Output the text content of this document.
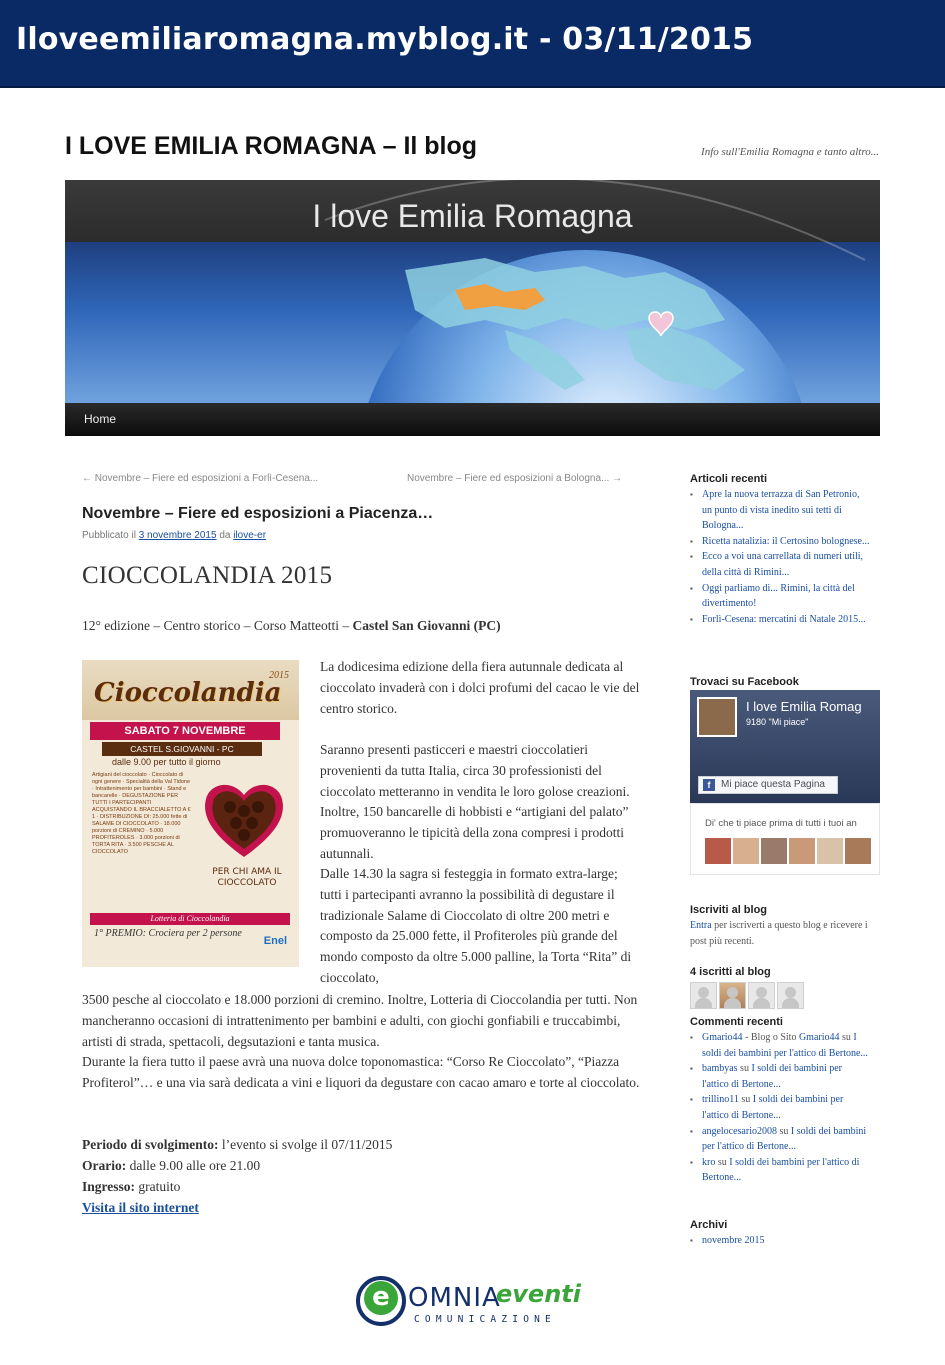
Iloveemiliaromagna.myblog.it - 03/11/2015
I LOVE EMILIA ROMAGNA – Il blog	Info sull'Emilia Romagna e tanto altro...
I love Emilia Romagna
Home
← Novembre – Fiere ed esposizioni a Forlì-Cesena...	Novembre – Fiere ed esposizioni a Bologna... →
Novembre – Fiere ed esposizioni a Piacenza…
Pubblicato il 3 novembre 2015 da ilove-er
CIOCCOLANDIA 2015
12° edizione – Centro storico – Corso Matteotti – Castel San Giovanni (PC)
Cioccolandia
2015
SABATO 7 NOVEMBRE
CASTEL S.GIOVANNI - PC
dalle 9.00 per tutto il giorno
Artigiani del cioccolato · Cioccolato di ogni genere · Specialità della Val Tidone · Intrattenimento per bambini · Stand e bancarelle · DEGUSTAZIONE PER TUTTI I PARTECIPANTI ACQUISTANDO IL BRACCIALETTO A € 1 · DISTRIBUZIONE DI: 25.000 fette di SALAME DI CIOCCOLATO · 18.000 porzioni di CREMINO · 5.000 PROFITEROLES · 3.000 porzioni di TORTA RITA · 3.500 PESCHE AL CIOCCOLATO
PER CHI AMA IL CIOCCOLATO
Lotteria di Cioccolandia
1° PREMIO: Crociera per 2 persone
Enel
La dodicesima edizione della fiera autunnale dedicata al cioccolato invaderà con i dolci profumi del cacao le vie del centro storico.
Saranno presenti pasticceri e maestri cioccolatieri provenienti da tutta Italia, circa 30 professionisti del cioccolato metteranno in vendita le loro golose creazioni. Inoltre, 150 bancarelle di hobbisti e “artigiani del palato” promuoveranno le tipicità della zona compresi i prodotti autunnali.
Dalle 14.30 la sagra si festeggia in formato extra-large; tutti i partecipanti avranno la possibilità di degustare il tradizionale Salame di Cioccolato di oltre 200 metri e composto da 25.000 fette, il Profiteroles più grande del mondo composto da oltre 5.000 palline, la Torta “Rita” di cioccolato,
3500 pesche al cioccolato e 18.000 porzioni di cremino. Inoltre, Lotteria di Cioccolandia per tutti. Non mancheranno occasioni di intrattenimento per bambini e adulti, con giochi gonfiabili e truccabimbi, artisti di strada, spettacoli, degsutazioni e tanta musica.
Durante la fiera tutto il paese avrà una nuova dolce toponomastica: “Corso Re Cioccolato”, “Piazza Profiterol”… e una via sarà dedicata a vini e liquori da degustare con cacao amaro e torte al cioccolato.
Periodo di svolgimento: l’evento si svolge il 07/11/2015
Orario: dalle 9.00 alle ore 21.00
Ingresso: gratuito
Visita il sito internet
Articoli recenti
▪ Apre la nuova terrazza di San Petronio, un punto di vista inedito sui tetti di Bologna...
▪ Ricetta natalizia: il Certosino bolognese...
▪ Ecco a voi una carrellata di numeri utili, della città di Rimini...
▪ Oggi parliamo di... Rimini, la città del divertimento!
▪ Forlì-Cesena: mercatini di Natale 2015...
Trovaci su Facebook
I love Emilia Romag
9180 "Mi piace"
f	Mi piace questa Pagina
Di' che ti piace prima di tutti i tuoi an
Iscriviti al blog
Entra per iscriverti a questo blog e ricevere i post più recenti.
4 iscritti al blog
Commenti recenti
▪ Gmario44 - Blog o Sito Gmario44 su I soldi dei bambini per l'attico di Bertone...
▪ bambyas su I soldi dei bambini per l'attico di Bertone...
▪ trillino11 su I soldi dei bambini per l'attico di Bertone...
▪ angelocesario2008 su I soldi dei bambini per l'attico di Bertone...
▪ kro su I soldi dei bambini per l'attico di Bertone...
Archivi
▪ novembre 2015
e OMNIA
eventi
COMUNICAZIONE
